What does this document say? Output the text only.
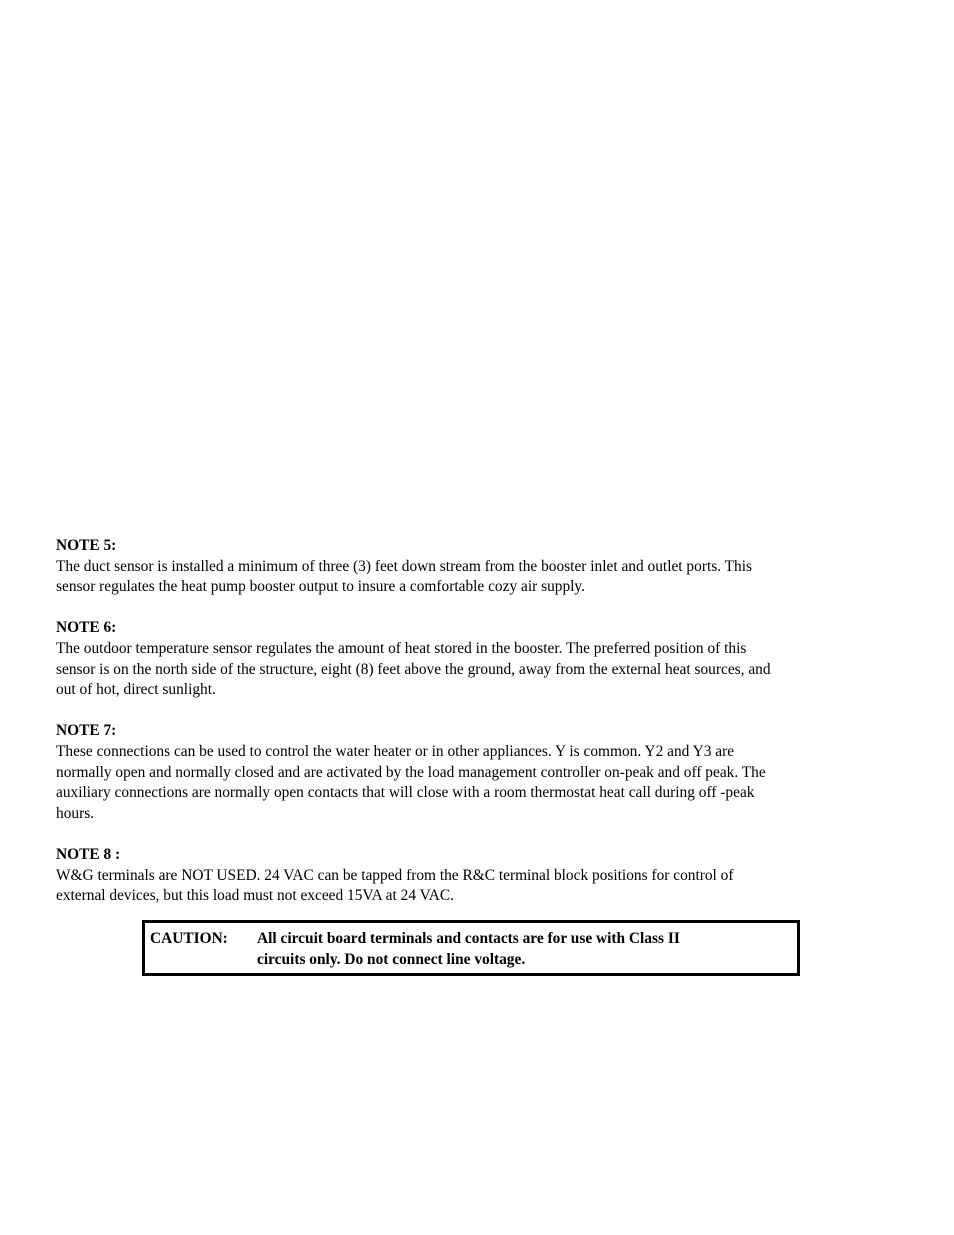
NOTE 5:
The duct sensor is installed a minimum of three (3) feet down stream from the booster inlet and outlet ports. This
sensor regulates the heat pump booster output to insure a comfortable cozy air supply.
NOTE 6:
The outdoor temperature sensor regulates the amount of heat stored in the booster. The preferred position of this
sensor is on the north side of the structure, eight (8) feet above the ground, away from the external heat sources, and
out of hot, direct sunlight.
NOTE 7:
These connections can be used to control the water heater or in other appliances. Y is common. Y2 and Y3 are
normally open and normally closed and are activated by the load management controller on-peak and off peak. The
auxiliary connections are normally open contacts that will close with a room thermostat heat call during off -peak
hours.
NOTE 8 :
W&G terminals are NOT USED. 24 VAC can be tapped from the R&C terminal block positions for control of
external devices, but this load must not exceed 15VA at 24 VAC.
CAUTION: All circuit board terminals and contacts are for use with Class II
circuits only. Do not connect line voltage.
